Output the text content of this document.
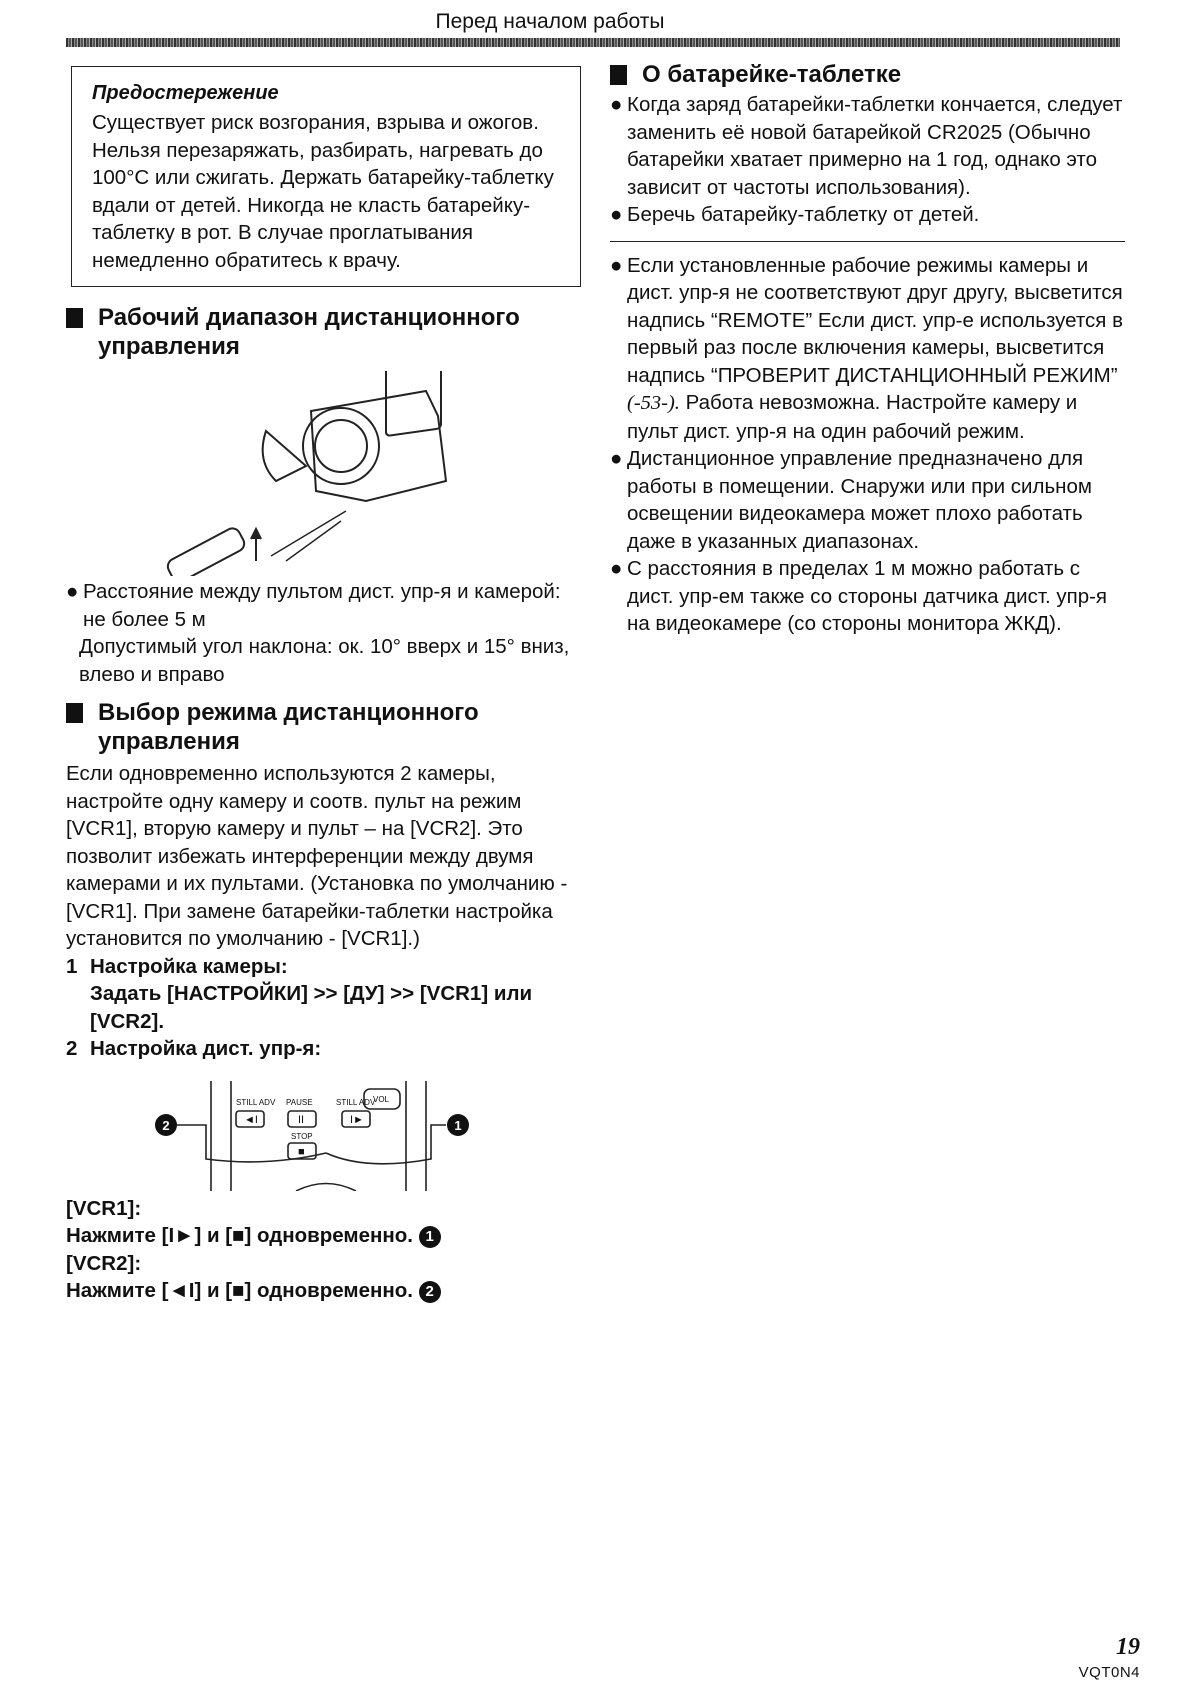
Перед началом работы
Предостережение
Существует риск возгорания, взрыва и ожогов. Нельзя перезаряжать, разбирать, нагревать до 100°С или сжигать. Держать батарейку-таблетку вдали от детей. Никогда не класть батарейку-таблетку в рот. В случае проглатывания немедленно обратитесь к врачу.
Рабочий диапазон дистанционного управления
● Расстояние между пультом дист. упр-я и камерой: не более 5 м
Допустимый угол наклона: ок. 10° вверх и 15° вниз, влево и вправо
Выбор режима дистанционного управления
Если одновременно используются 2 камеры, настройте одну камеру и соотв. пульт на режим [VCR1], вторую камеру и пульт – на [VCR2]. Это позволит избежать интерференции между двумя камерами и их пультами. (Установка по умолчанию - [VCR1]. При замене батарейки-таблетки настройка установится по умолчанию - [VCR1].)
1 Настройка камеры:
Задать [НАСТРОЙКИ] >> [ДУ] >> [VCR1] или [VCR2].
2 Настройка дист. упр-я:
STILL ADV PAUSE	STILL ADV
VOL
STOP
◄I	II	I►
■
2	1
[VCR1]:
Нажмите [I►] и [■] одновременно. 1
[VCR2]:
Нажмите [◄I] и [■] одновременно. 2
О батарейке-таблетке
● Когда заряд батарейки-таблетки кончается, следует заменить её новой батарейкой CR2025 (Обычно батарейки хватает примерно на 1 год, однако это зависит от частоты использования).
● Беречь батарейку-таблетку от детей.
● Если установленные рабочие режимы камеры и дист. упр-я не соответствуют друг другу, высветится надпись “REMOTE” Если дист. упр-е используется в первый раз после включения камеры, высветится надпись “ПРОВЕРИТ ДИСТАНЦИОННЫЙ РЕЖИМ” (-53-). Работа невозможна. Настройте камеру и пульт дист. упр-я на один рабочий режим.
● Дистанционное управление предназначено для работы в помещении. Снаружи или при сильном освещении видеокамера может плохо работать даже в указанных диапазонах.
● С расстояния в пределах 1 м можно работать с дист. упр-ем также со стороны датчика дист. упр-я на видеокамере (со стороны монитора ЖКД).
19
VQT0N4
